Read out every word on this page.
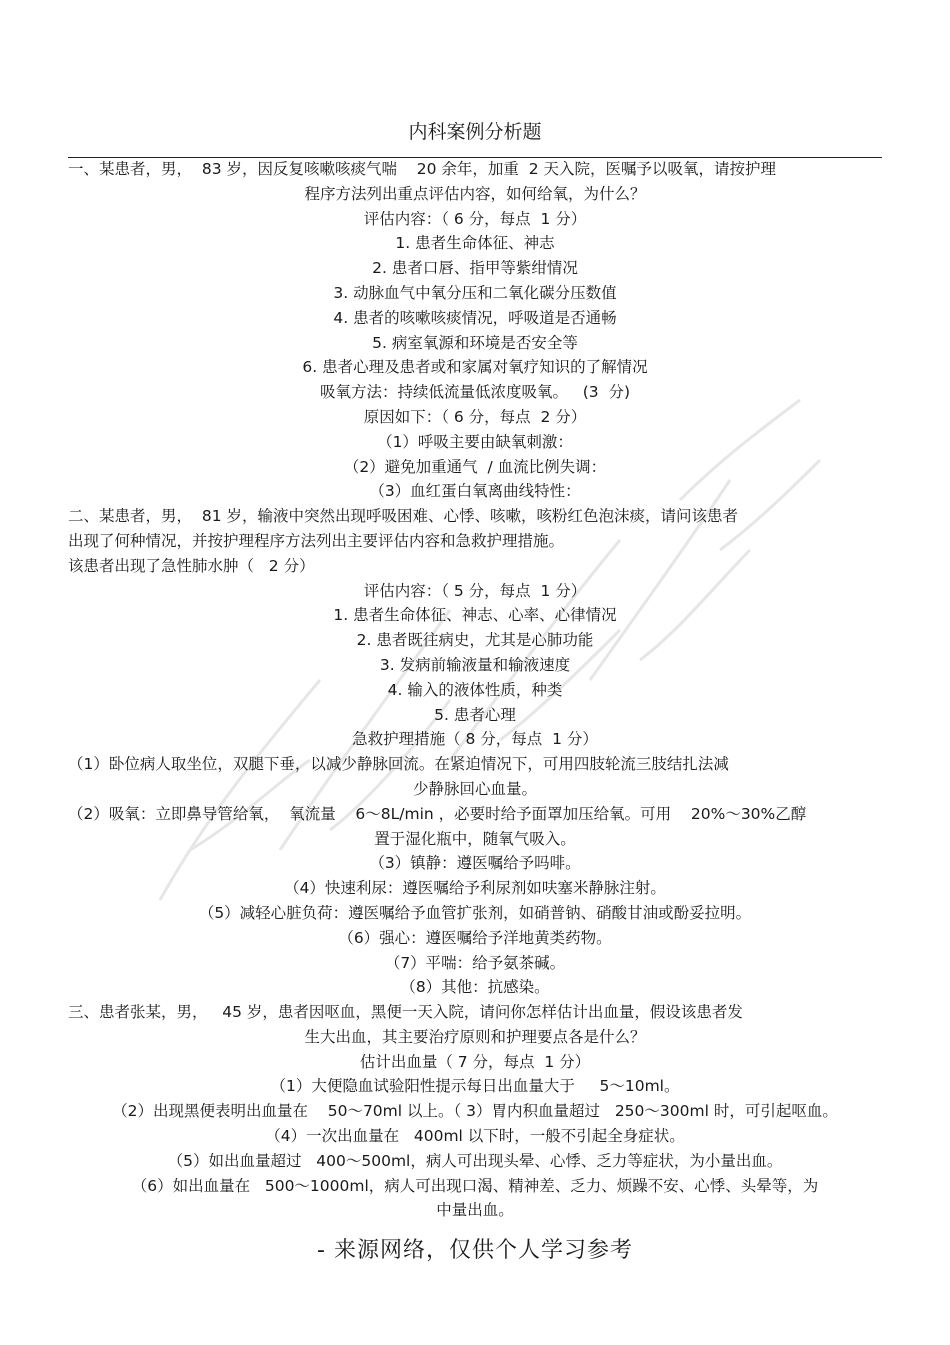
内科案例分析题
一、某患者，男，  83 岁，因反复咳嗽咳痰气喘    20 余年，加重  2 天入院，医嘱予以吸氧，请按护理
程序方法列出重点评估内容，如何给氧，为什么？
评估内容：（ 6 分，每点  1 分）
1. 患者生命体征、神志
2. 患者口唇、指甲等紫绀情况
3. 动脉血气中氧分压和二氧化碳分压数值
4. 患者的咳嗽咳痰情况，呼吸道是否通畅
5. 病室氧源和环境是否安全等
6. 患者心理及患者或和家属对氧疗知识的了解情况
吸氧方法：持续低流量低浓度吸氧。   (3  分)
原因如下：（ 6 分，每点  2 分）
（1）呼吸主要由缺氧刺激：
（2）避免加重通气  / 血流比例失调：
（3）血红蛋白氧离曲线特性：
二、某患者，男，  81 岁，输液中突然出现呼吸困难、心悸、咳嗽，咳粉红色泡沫痰，请问该患者
出现了何种情况，并按护理程序方法列出主要评估内容和急救护理措施。
该患者出现了急性肺水肿（   2 分）
评估内容：（ 5 分，每点  1 分）
1. 患者生命体征、神志、心率、心律情况
2. 患者既往病史，尤其是心肺功能
3. 发病前输液量和输液速度
4. 输入的液体性质，种类
5. 患者心理
急救护理措施（ 8 分，每点  1 分）
（1）卧位病人取坐位，双腿下垂，以减少静脉回流。在紧迫情况下，可用四肢轮流三肢结扎法减
少静脉回心血量。
（2）吸氧：立即鼻导管给氧，  氧流量    6～8L/min ，必要时给予面罩加压给氧。可用    20%～30%乙醇
置于湿化瓶中，随氧气吸入。
（3）镇静：遵医嘱给予吗啡。
（4）快速利尿：遵医嘱给予利尿剂如呋塞米静脉注射。
（5）减轻心脏负荷：遵医嘱给予血管扩张剂，如硝普钠、硝酸甘油或酚妥拉明。
（6）强心：遵医嘱给予洋地黄类药物。
（7）平喘：给予氨茶碱。
（8）其他：抗感染。
三、患者张某，男，   45 岁，患者因呕血，黑便一天入院，请问你怎样估计出血量，假设该患者发
生大出血，其主要治疗原则和护理要点各是什么？
估计出血量（ 7 分，每点  1 分）
（1）大便隐血试验阳性提示每日出血量大于     5～10ml。
（2）出现黑便表明出血量在    50～70ml 以上。（ 3）胃内积血量超过   250～300ml 时，可引起呕血。
（4）一次出血量在   400ml 以下时，一般不引起全身症状。
（5）如出血量超过   400～500ml，病人可出现头晕、心悸、乏力等症状，为小量出血。
（6）如出血量在   500～1000ml，病人可出现口渴、精神差、乏力、烦躁不安、心悸、头晕等，为
中量出血。
- 来源网络，仅供个人学习参考
